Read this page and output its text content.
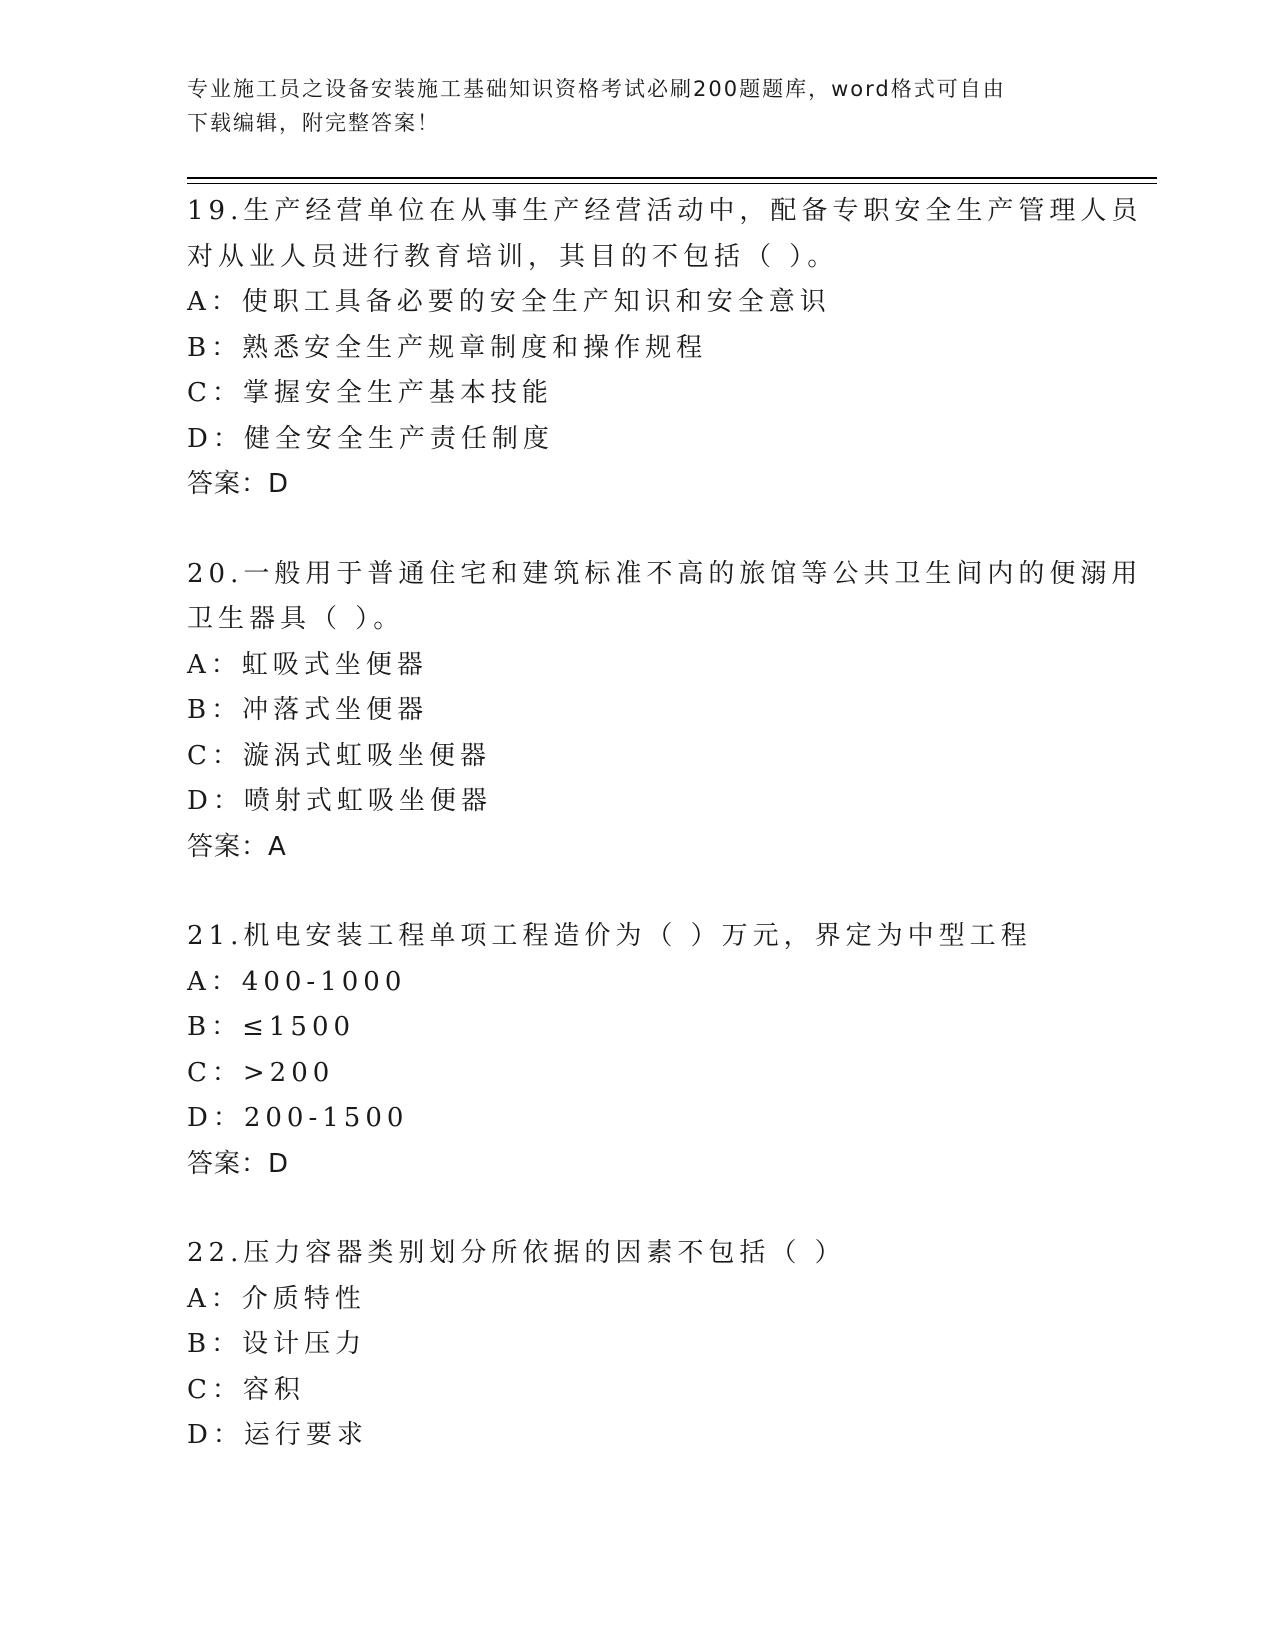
专业施工员之设备安装施工基础知识资格考试必刷200题题库，word格式可自由
下载编辑，附完整答案！
19.生产经营单位在从事生产经营活动中，配备专职安全生产管理人员
对从业人员进行教育培训，其目的不包括（ ）。
A：使职工具备必要的安全生产知识和安全意识
B：熟悉安全生产规章制度和操作规程
C：掌握安全生产基本技能
D：健全安全生产责任制度
答案：D
20.一般用于普通住宅和建筑标准不高的旅馆等公共卫生间内的便溺用
卫生器具（ ）。
A：虹吸式坐便器
B：冲落式坐便器
C：漩涡式虹吸坐便器
D：喷射式虹吸坐便器
答案：A
21.机电安装工程单项工程造价为（ ）万元，界定为中型工程
A：400-1000
B：≤1500
C：>200
D：200-1500
答案：D
22.压力容器类别划分所依据的因素不包括（ ）
A：介质特性
B：设计压力
C：容积
D：运行要求
